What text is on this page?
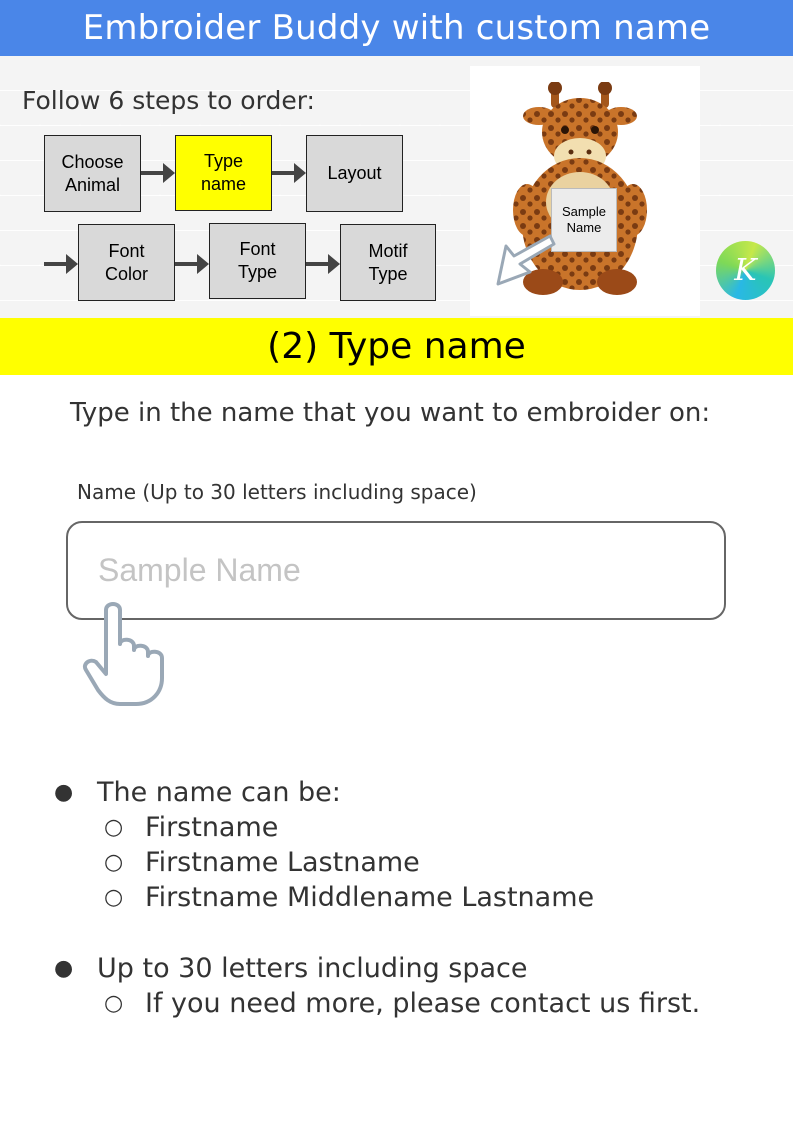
Embroider Buddy with custom name
Follow 6 steps to order:
Choose
Animal
Type
name
Layout
Font
Color
Font
Type
Motif
Type
Sample
Name
K
(2) Type name
Type in the name that you want to embroider on:
Name (Up to 30 letters including space)
Sample Name
● The name can be:
○ Firstname
○ Firstname Lastname
○ Firstname Middlename Lastname
● Up to 30 letters including space
○ If you need more, please contact us first.
